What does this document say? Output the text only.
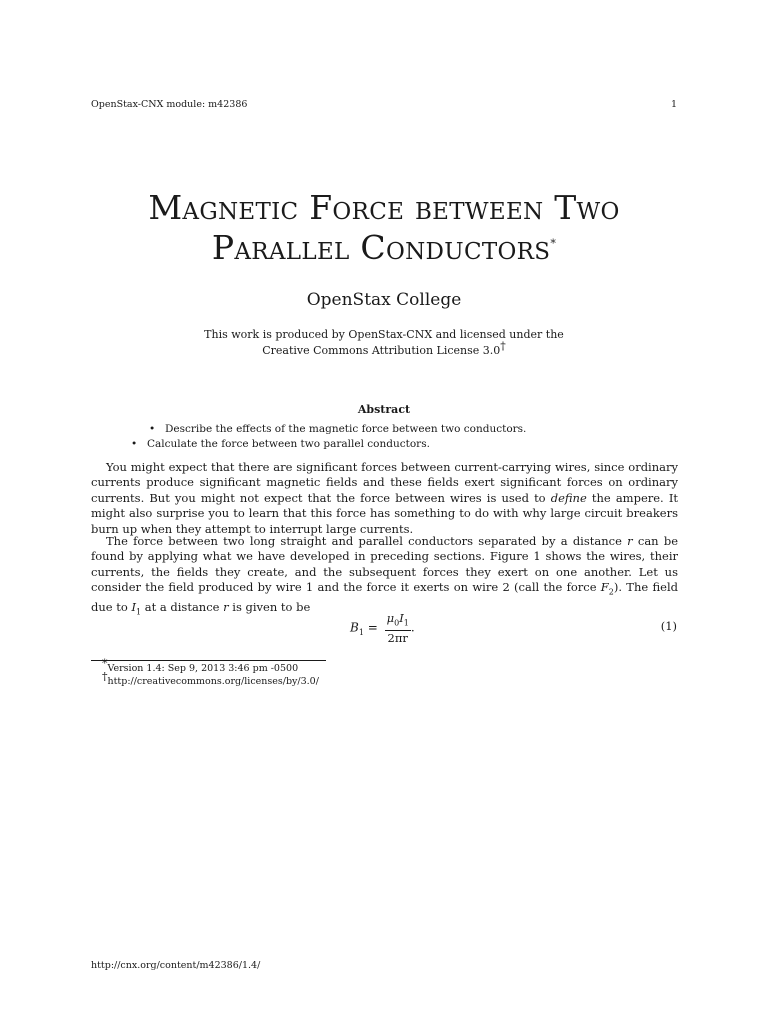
OpenStax-CNX module: m42386	1
Magnetic Force between Two
Parallel Conductors*
OpenStax College
This work is produced by OpenStax-CNX and licensed under the
Creative Commons Attribution License 3.0†
Abstract
• Describe the effects of the magnetic force between two conductors.
• Calculate the force between two parallel conductors.
You might expect that there are significant forces between current-carrying wires, since ordinary currents produce significant magnetic fields and these fields exert significant forces on ordinary currents. But you might not expect that the force between wires is used to define the ampere. It might also surprise you to learn that this force has something to do with why large circuit breakers burn up when they attempt to interrupt large currents.
The force between two long straight and parallel conductors separated by a distance r can be found by applying what we have developed in preceding sections. Figure 1 shows the wires, their currents, the fields they create, and the subsequent forces they exert on one another. Let us consider the field produced by wire 1 and the force it exerts on wire 2 (call the force $F_2$). The field due to $I_1$ at a distance r is given to be
$B_1 = \frac{\mu_0I_1}{2\pi r}$ .	(1)
*Version 1.4: Sep 9, 2013 3:46 pm -0500
†http://creativecommons.org/licenses/by/3.0/
http://cnx.org/content/m42386/1.4/
